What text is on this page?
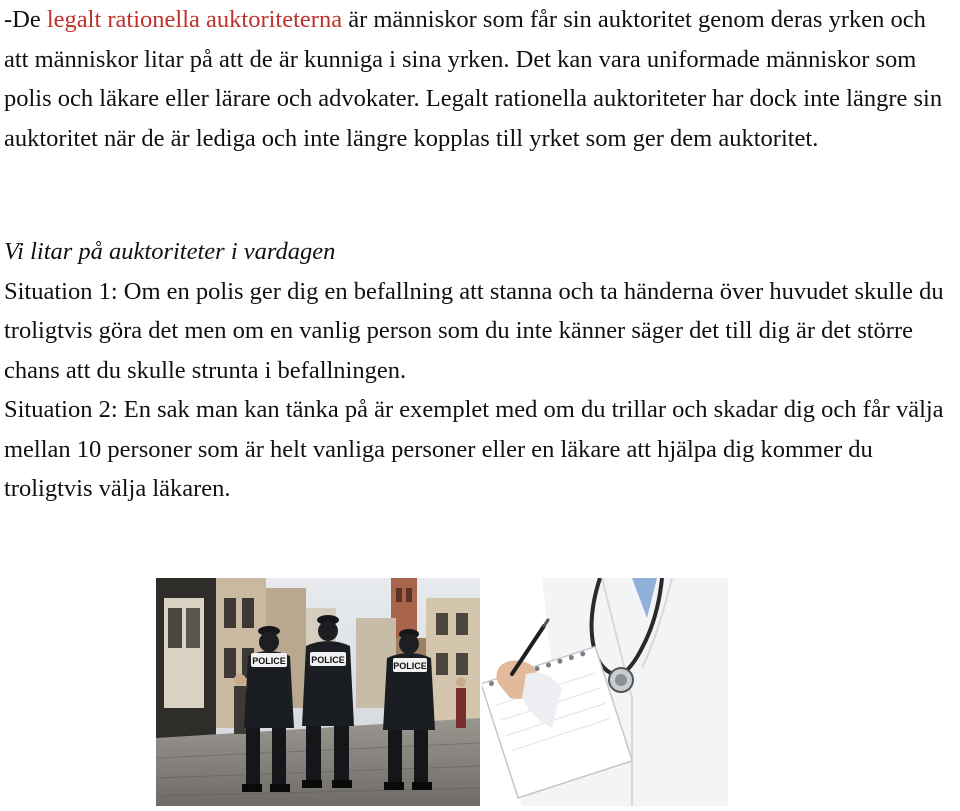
-De legalt rationella auktoriteterna är människor som får sin auktoritet genom deras yrken och att människor litar på att de är kunniga i sina yrken. Det kan vara uniformade människor som polis och läkare eller lärare och advokater. Legalt rationella auktoriteter har dock inte längre sin auktoritet när de är lediga och inte längre kopplas till yrket som ger dem auktoritet.
Vi litar på auktoriteter i vardagen
Situation 1: Om en polis ger dig en befallning att stanna och ta händerna över huvudet skulle du troligtvis göra det men om en vanlig person som du inte känner säger det till dig är det större chans att du skulle strunta i befallningen.
Situation 2: En sak man kan tänka på är exemplet med om du trillar och skadar dig och får välja mellan 10 personer som är helt vanliga personer eller en läkare att hjälpa dig kommer du troligtvis välja läkaren.
POLICE	POLICE
POLICE
